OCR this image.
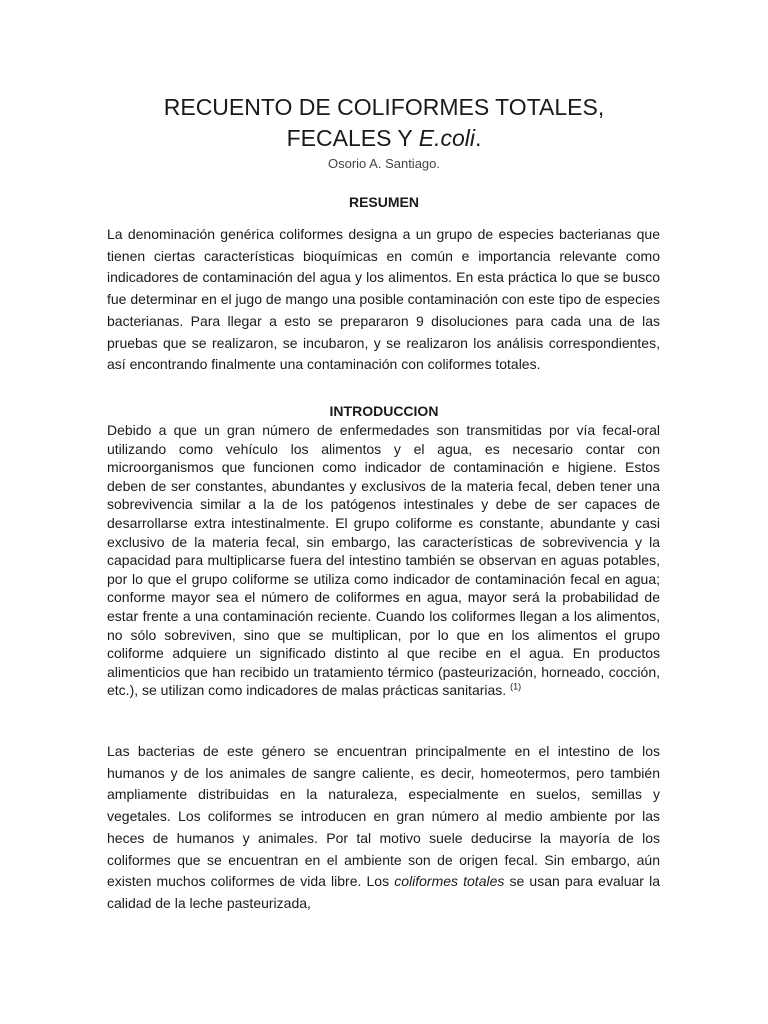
RECUENTO DE COLIFORMES TOTALES,
FECALES Y E.coli.
Osorio A. Santiago.
RESUMEN

La denominación genérica coliformes designa a un grupo de especies bacterianas que tienen ciertas características bioquímicas en común e importancia relevante como indicadores de contaminación del agua y los alimentos. En esta práctica lo que se busco fue determinar en el jugo de mango una posible contaminación con este tipo de especies bacterianas. Para llegar a esto se prepararon 9 disoluciones para cada una de las pruebas que se realizaron, se incubaron, y se realizaron los análisis correspondientes, así encontrando finalmente una contaminación con coliformes totales.

INTRODUCCION

Debido a que un gran número de enfermedades son transmitidas por vía fecal-oral utilizando como vehículo los alimentos y el agua, es necesario contar con microorganismos que funcionen como indicador de contaminación e higiene. Estos deben de ser constantes, abundantes y exclusivos de la materia fecal, deben tener una sobrevivencia similar a la de los patógenos intestinales y debe de ser capaces de desarrollarse extra intestinalmente. El grupo coliforme es constante, abundante y casi exclusivo de la materia fecal, sin embargo, las características de sobrevivencia y la capacidad para multiplicarse fuera del intestino también se observan en aguas potables, por lo que el grupo coliforme se utiliza como indicador de contaminación fecal en agua; conforme mayor sea el número de coliformes en agua, mayor será la probabilidad de estar frente a una contaminación reciente. Cuando los coliformes llegan a los alimentos, no sólo sobreviven, sino que se multiplican, por lo que en los alimentos el grupo coliforme adquiere un significado distinto al que recibe en el agua. En productos alimenticios que han recibido un tratamiento térmico (pasteurización, horneado, cocción, etc.), se utilizan como indicadores de malas prácticas sanitarias. $^{(1)}$

Las bacterias de este género se encuentran principalmente en el intestino de los humanos y de los animales de sangre caliente, es decir, homeotermos, pero también ampliamente distribuidas en la naturaleza, especialmente en suelos, semillas y vegetales. Los coliformes se introducen en gran número al medio ambiente por las heces de humanos y animales. Por tal motivo suele deducirse la mayoría de los coliformes que se encuentran en el ambiente son de origen fecal. Sin embargo, aún existen muchos coliformes de vida libre. Los coliformes totales se usan para evaluar la calidad de la leche pasteurizada,
